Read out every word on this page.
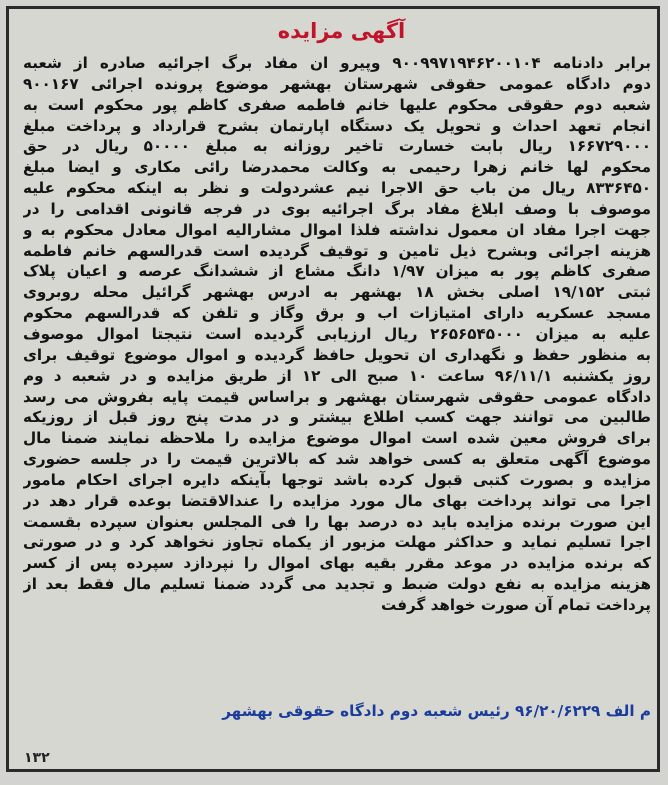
آگهی مزایده
برابر دادنامه ۹۰۰۹۹۷۱۹۴۶۲۰۰۱۰۴ وپیرو ان مفاد برگ اجرائیه صادره از شعبه
دوم دادگاه عمومی حقوقی شهرستان بهشهر موضوع پرونده اجرائی ۹۰۰۱۶۷
شعبه دوم حقوقی محکوم علیها خانم فاطمه صفری کاظم پور محکوم است به
انجام تعهد احداث و تحویل یک دستگاه اپارتمان بشرح قرارداد و پرداخت مبلغ
۱۶۶۷۲۹۰۰۰ ریال بابت خسارت تاخیر روزانه به مبلغ ۵۰۰۰۰ ریال در حق
محکوم لها خانم زهرا رحیمی به وکالت محمدرضا رائی مکاری و ایضا مبلغ
۸۳۳۶۴۵۰ ریال من باب حق الاجرا نیم عشردولت و نظر به اینکه محکوم علیه
موصوف با وصف ابلاغ مفاد برگ اجرائیه بوی در فرجه قانونی اقدامی را در
جهت اجرا مفاد ان معمول نداشته فلذا اموال مشارالیه اموال معادل محکوم به و
هزینه اجرائی وبشرح ذیل تامین و توقیف گردیده است قدرالسهم خانم فاطمه
صفری کاظم پور به میزان ۱/۹۷ دانگ مشاع از ششدانگ عرصه و اعیان پلاک
ثبتی ۱۹/۱۵۲ اصلی بخش ۱۸ بهشهر به ادرس بهشهر گرائیل محله روبروی
مسجد عسکریه دارای امتیازات اب و برق وگاز و تلفن که قدرالسهم محکوم
علیه به میزان ۲۶۵۶۵۴۵۰۰۰ ریال ارزیابی گردیده است نتیجتا اموال موصوف
به منظور حفظ و نگهداری ان تحویل حافظ گردیده و اموال موضوع توقیف برای
روز یکشنبه ۹۶/۱۱/۱ ساعت ۱۰ صبح الی ۱۲ از طریق مزایده و در شعبه د وم
دادگاه عمومی حقوقی شهرستان بهشهر و براساس قیمت پایه بفروش می رسد
طالبین می توانند جهت کسب اطلاع بیشتر و در مدت پنج روز قبل از روزیکه
برای فروش معین شده است اموال موضوع مزایده را ملاحظه نمایند ضمنا مال
موضوع آگهی متعلق به کسی خواهد شد که بالاترین قیمت را در جلسه حضوری
مزایده و بصورت کتبی قبول کرده باشد توجها بآینکه دایره اجرای احکام مامور
اجرا می تواند پرداخت بهای مال مورد مزایده را عندالاقتضا بوعده قرار دهد در
این صورت برنده مزایده باید ده درصد بها را فی المجلس بعنوان سپرده بقسمت
اجرا تسلیم نماید و حداکثر مهلت مزبور از یکماه تجاوز نخواهد کرد و در صورتی
که برنده مزایده در موعد مقرر بقیه بهای اموال را نپردازد سپرده پس از کسر
هزینه مزایده به نفع دولت ضبط و تجدید می گردد ضمنا تسلیم مال فقط بعد از
پرداخت تمام آن صورت خواهد گرفت
م الف ۹۶/۲۰/۶۲۲۹ رئیس شعبه دوم دادگاه حقوقی بهشهر
۱۳۲
